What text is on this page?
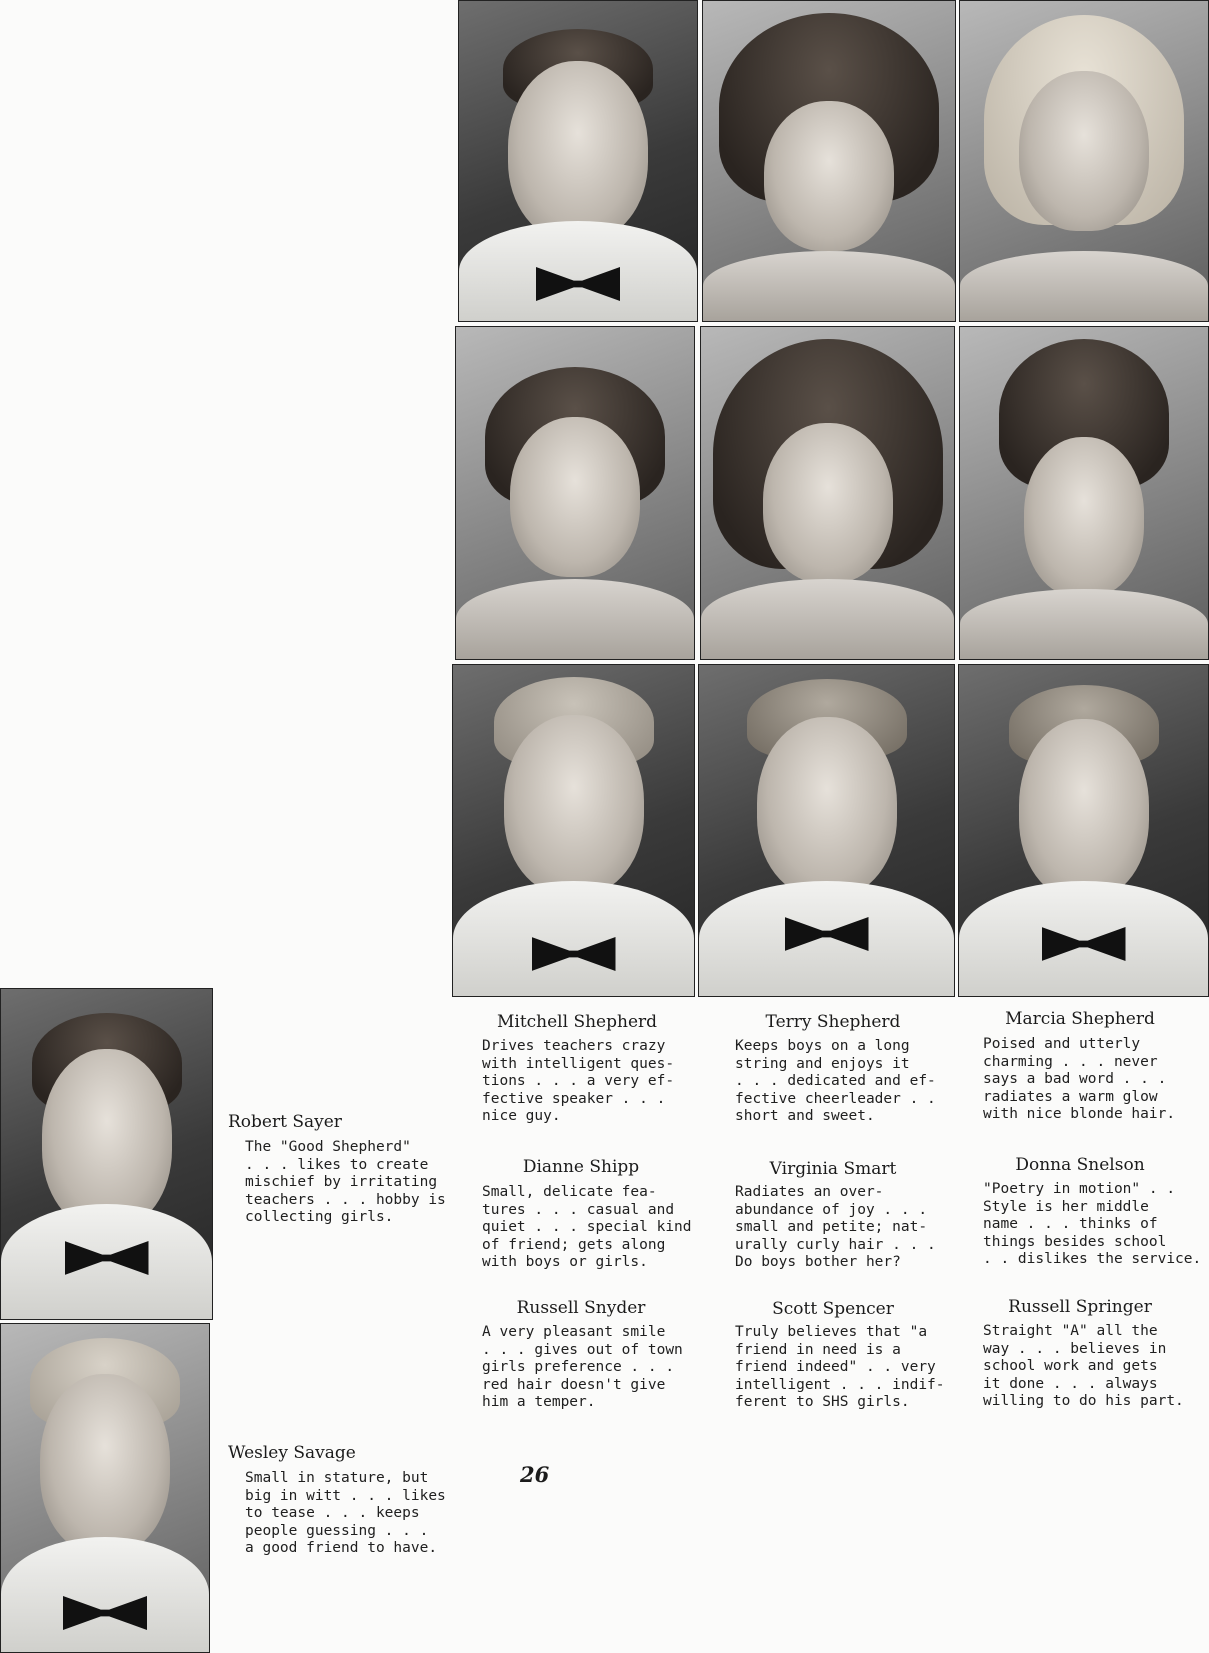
Mitchell Shepherd
Drives teachers crazy
with intelligent ques-
tions . . . a very ef-
fective speaker . . .
nice guy.
Terry Shepherd
Keeps boys on a long
string and enjoys it
. . . dedicated and ef-
fective cheerleader . .
short and sweet.
Marcia Shepherd
Poised and utterly
charming . . . never
says a bad word . . .
radiates a warm glow
with nice blonde hair.
Dianne Shipp
Small, delicate fea-
tures . . . casual and
quiet . . . special kind
of friend; gets along
with boys or girls.
Virginia Smart
Radiates an over-
abundance of joy . . .
small and petite; nat-
urally curly hair . . .
Do boys bother her?
Donna Snelson
"Poetry in motion" . .
Style is her middle
name . . . thinks of
things besides school
. . dislikes the service.
Russell Snyder
A very pleasant smile
. . . gives out of town
girls preference . . .
red hair doesn't give
him a temper.
Scott Spencer
Truly believes that "a
friend in need is a
friend indeed" . . very
intelligent . . . indif-
ferent to SHS girls.
Russell Springer
Straight "A" all the
way . . . believes in
school work and gets
it done . . . always
willing to do his part.
Robert Sayer
The "Good Shepherd"
. . . likes to create
mischief by irritating
teachers . . . hobby is
collecting girls.
Wesley Savage
Small in stature, but
big in witt . . . likes
to tease . . . keeps
people guessing . . .
a good friend to have.
26
